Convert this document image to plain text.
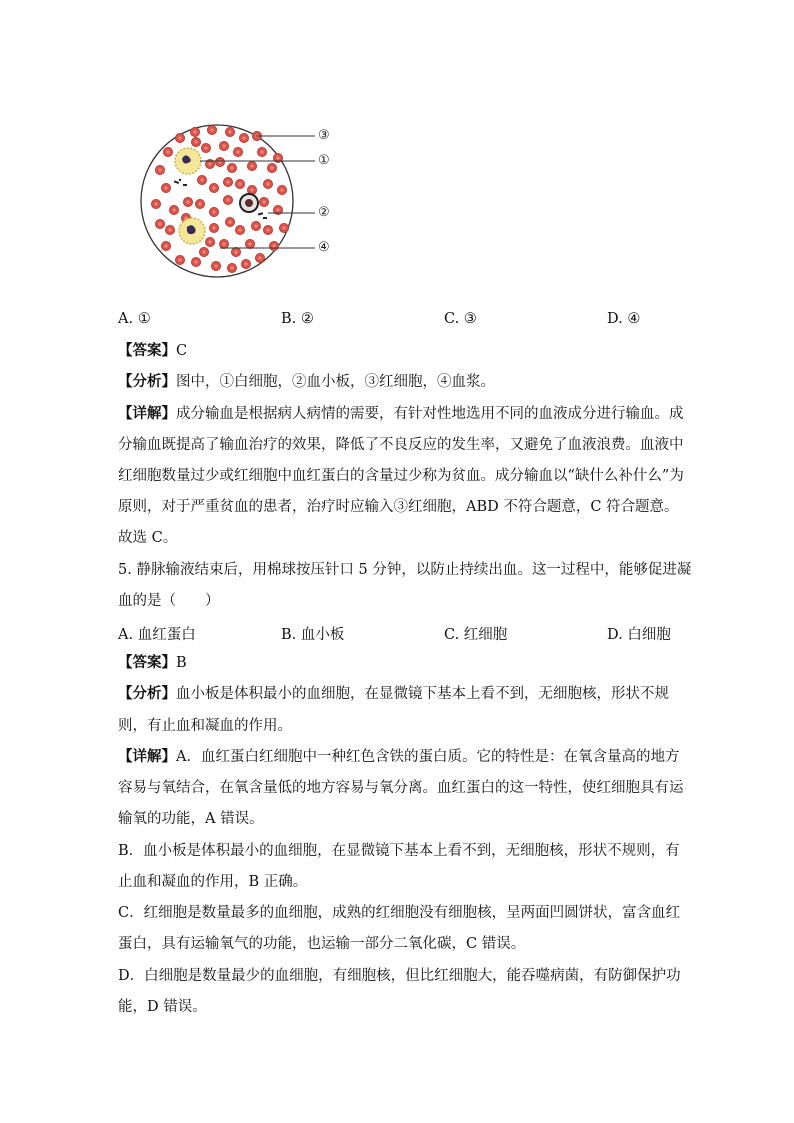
③
①
②
④
A. ①	B. ②	C. ③	D. ④
【答案】C
【分析】图中，①白细胞，②血小板，③红细胞，④血浆。
【详解】成分输血是根据病人病情的需要，有针对性地选用不同的血液成分进行输血。成
分输血既提高了输血治疗的效果，降低了不良反应的发生率，又避免了血液浪费。血液中
红细胞数量过少或红细胞中血红蛋白的含量过少称为贫血。成分输血以“缺什么补什么”为
原则，对于严重贫血的患者，治疗时应输入③红细胞，ABD 不符合题意，C 符合题意。
故选 C。
5. 静脉输液结束后，用棉球按压针口 5 分钟，以防止持续出血。这一过程中，能够促进凝
血的是（　　）
A. 血红蛋白	B. 血小板	C. 红细胞	D. 白细胞
【答案】B
【分析】血小板是体积最小的血细胞，在显微镜下基本上看不到，无细胞核，形状不规
则，有止血和凝血的作用。
【详解】A．血红蛋白红细胞中一种红色含铁的蛋白质。它的特性是：在氧含量高的地方
容易与氧结合，在氧含量低的地方容易与氧分离。血红蛋白的这一特性，使红细胞具有运
输氧的功能，A 错误。
B．血小板是体积最小的血细胞，在显微镜下基本上看不到，无细胞核，形状不规则，有
止血和凝血的作用，B 正确。
C．红细胞是数量最多的血细胞，成熟的红细胞没有细胞核，呈两面凹圆饼状，富含血红
蛋白，具有运输氧气的功能，也运输一部分二氧化碳，C 错误。
D．白细胞是数量最少的血细胞，有细胞核，但比红细胞大，能吞噬病菌，有防御保护功
能，D 错误。
